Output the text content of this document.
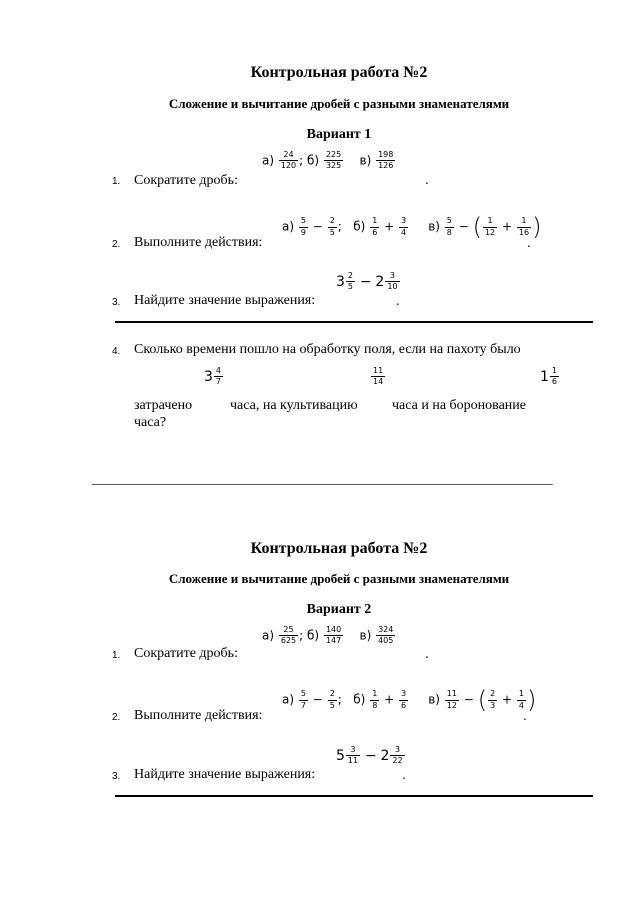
Контрольная работа №2
Сложение и вычитание дробей с разными знаменателями
Вариант 1
1. Сократите дробь:
$а) \frac{24}{120}$ ; $б) \frac{225}{325} в) \frac{198}{126}$
.
2. Выполните действия:
$а) \frac{5}{9} - \frac{2}{5}$ ; $б) \frac{1}{6} + \frac{3}{4} в) \frac{5}{8}$ − ( $\frac{1}{12} + \frac{1}{16}$ )
.
3. Найдите значение выражения:
$3 \frac{2}{5} - 2 \frac{3}{10}$
.
4. Сколько времени пошло на обработку поля, если на пахоту было
затрачено
$3 \frac{4}{7}$
часа, на культивацию
$\frac{11}{14}$
часа и на боронование
$1 \frac{1}{6}$
часа?
________________________________________________________________
Контрольная работа №2
Сложение и вычитание дробей с разными знаменателями
Вариант 2
1. Сократите дробь:
$а) \frac{25}{625}$ ; $б) \frac{140}{147} в) \frac{324}{405}$
.
2. Выполните действия:
$а) \frac{5}{7} - \frac{2}{5}$ ; $б) \frac{1}{8} + \frac{3}{6} в) \frac{11}{12}$ − ( $\frac{2}{3} + \frac{1}{4}$ )
.
3. Найдите значение выражения:
$5 \frac{3}{11} - 2 \frac{3}{22}$
.
